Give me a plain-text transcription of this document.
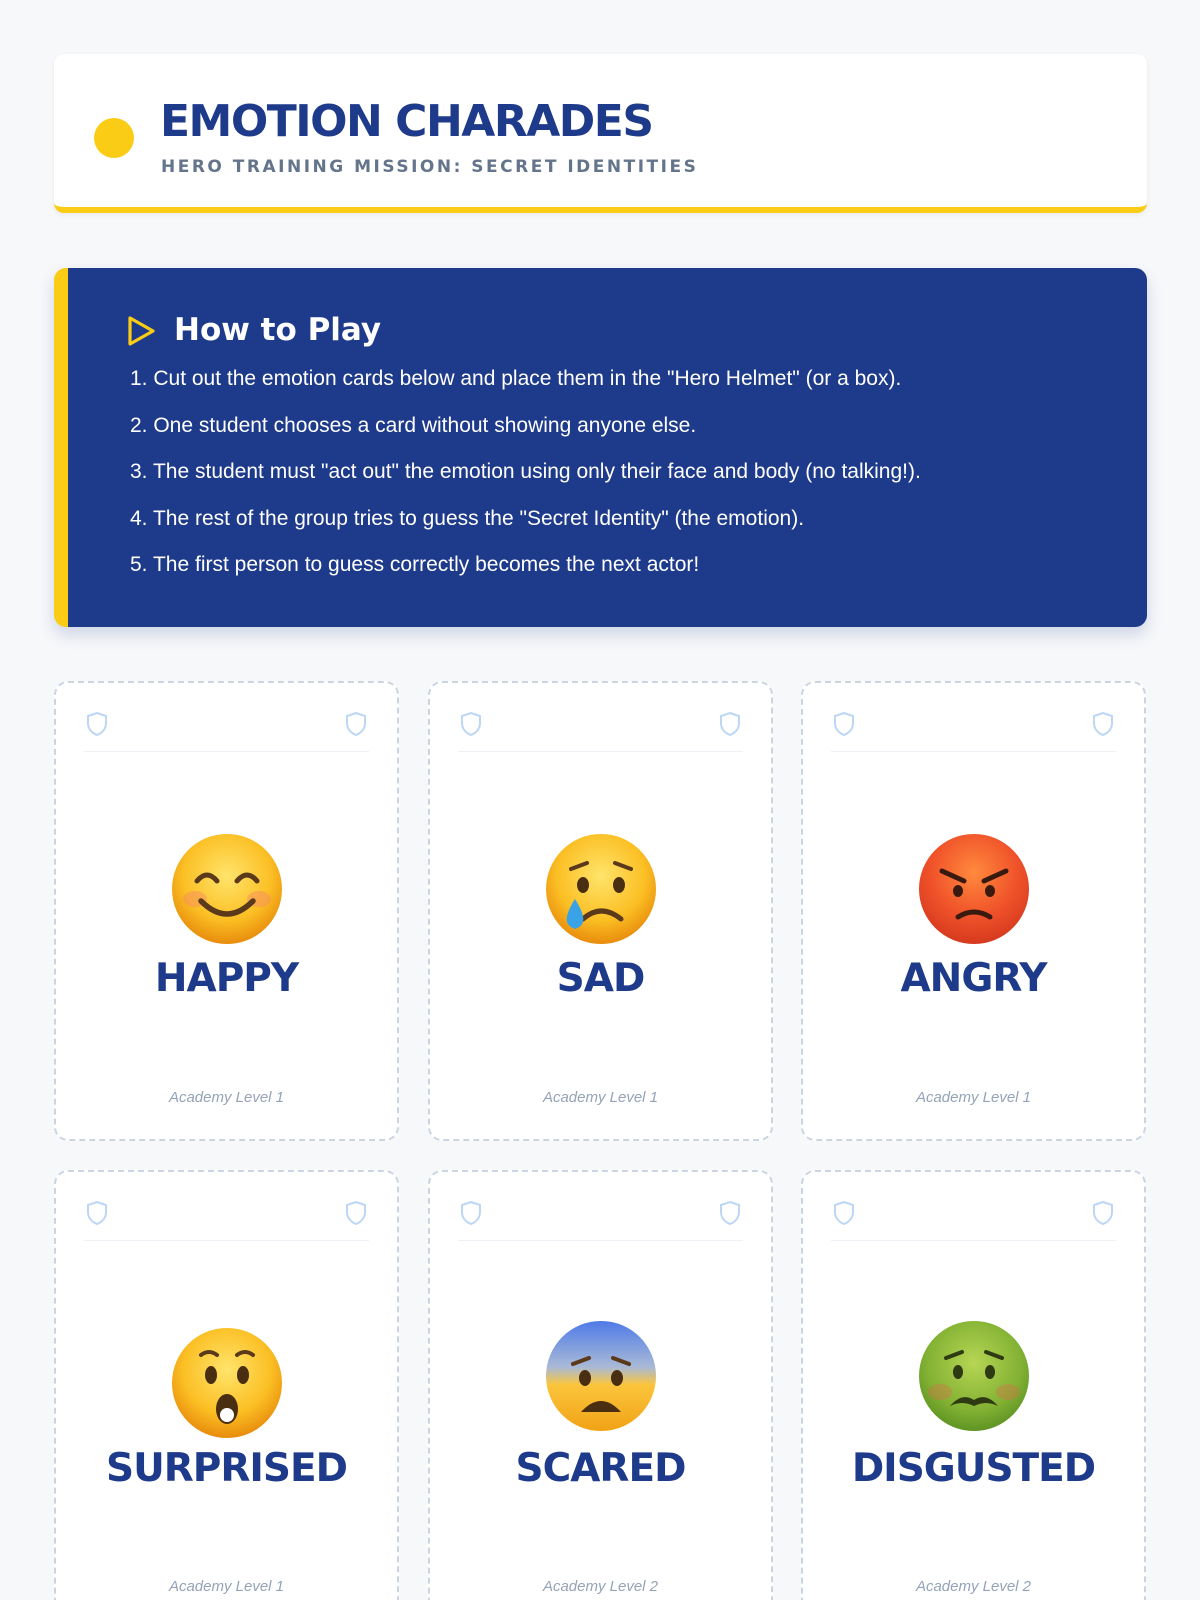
EMOTION CHARADES
HERO TRAINING MISSION: SECRET IDENTITIES
How to Play
1. Cut out the emotion cards below and place them in the "Hero Helmet" (or a box).
2. One student chooses a card without showing anyone else.
3. The student must "act out" the emotion using only their face and body (no talking!).
4. The rest of the group tries to guess the "Secret Identity" (the emotion).
5. The first person to guess correctly becomes the next actor!
HAPPY
Academy Level 1
SAD
Academy Level 1
ANGRY
Academy Level 1
SURPRISED
Academy Level 1
SCARED
Academy Level 2
DISGUSTED
Academy Level 2
